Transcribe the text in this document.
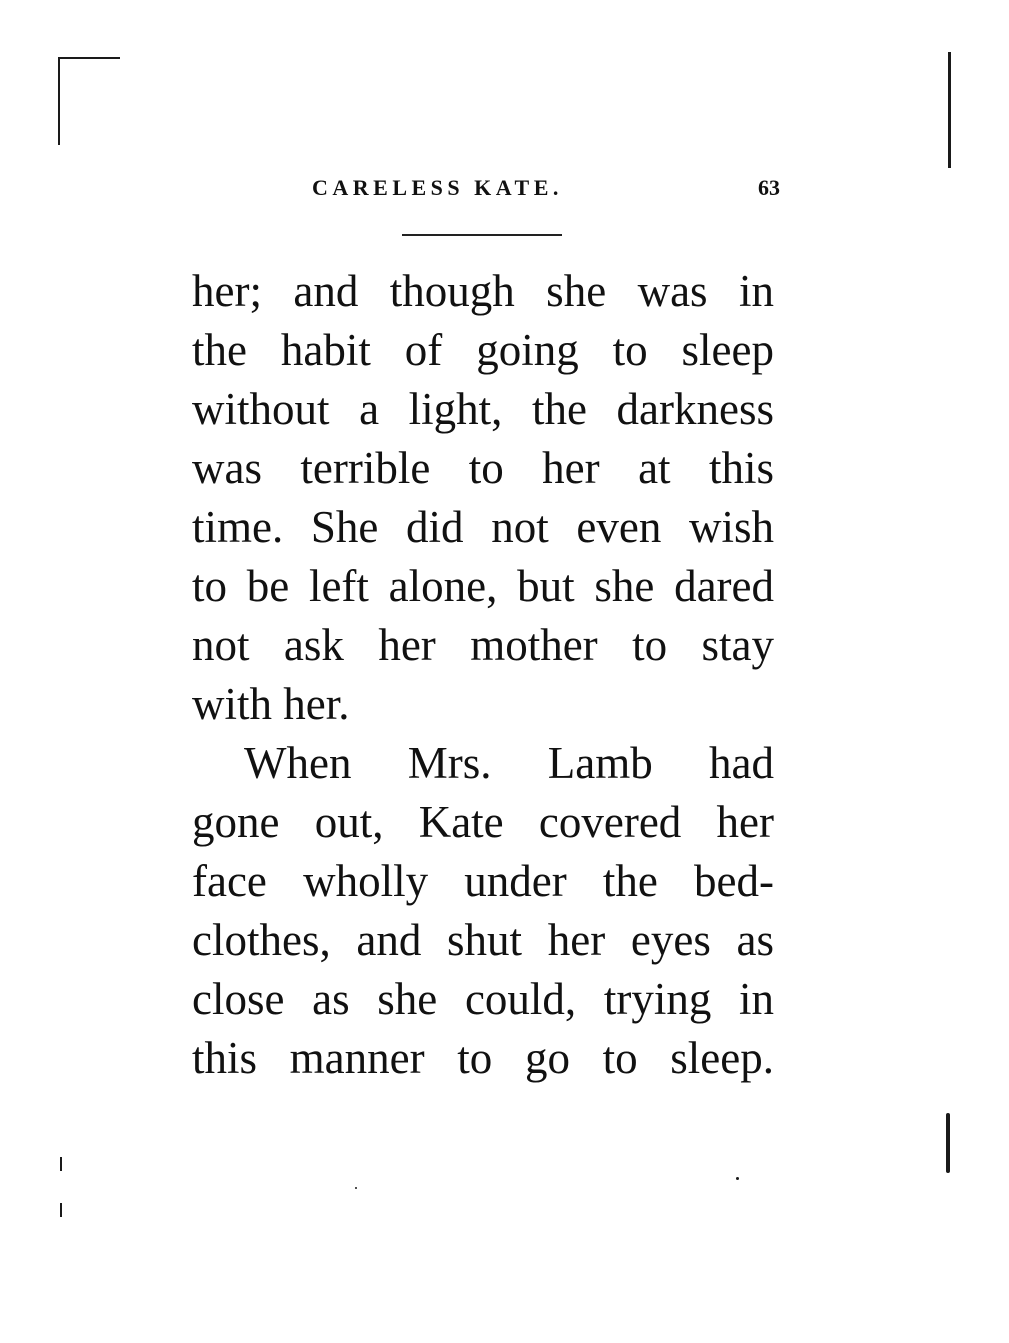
CARELESS KATE.	63
her; and though she was in
the habit of going to sleep
without a light, the darkness
was terrible to her at this
time. She did not even wish
to be left alone, but she dared
not ask her mother to stay
with her.
When Mrs. Lamb had
gone out, Kate covered her
face wholly under the bed-
clothes, and shut her eyes as
close as she could, trying in
this manner to go to sleep.
